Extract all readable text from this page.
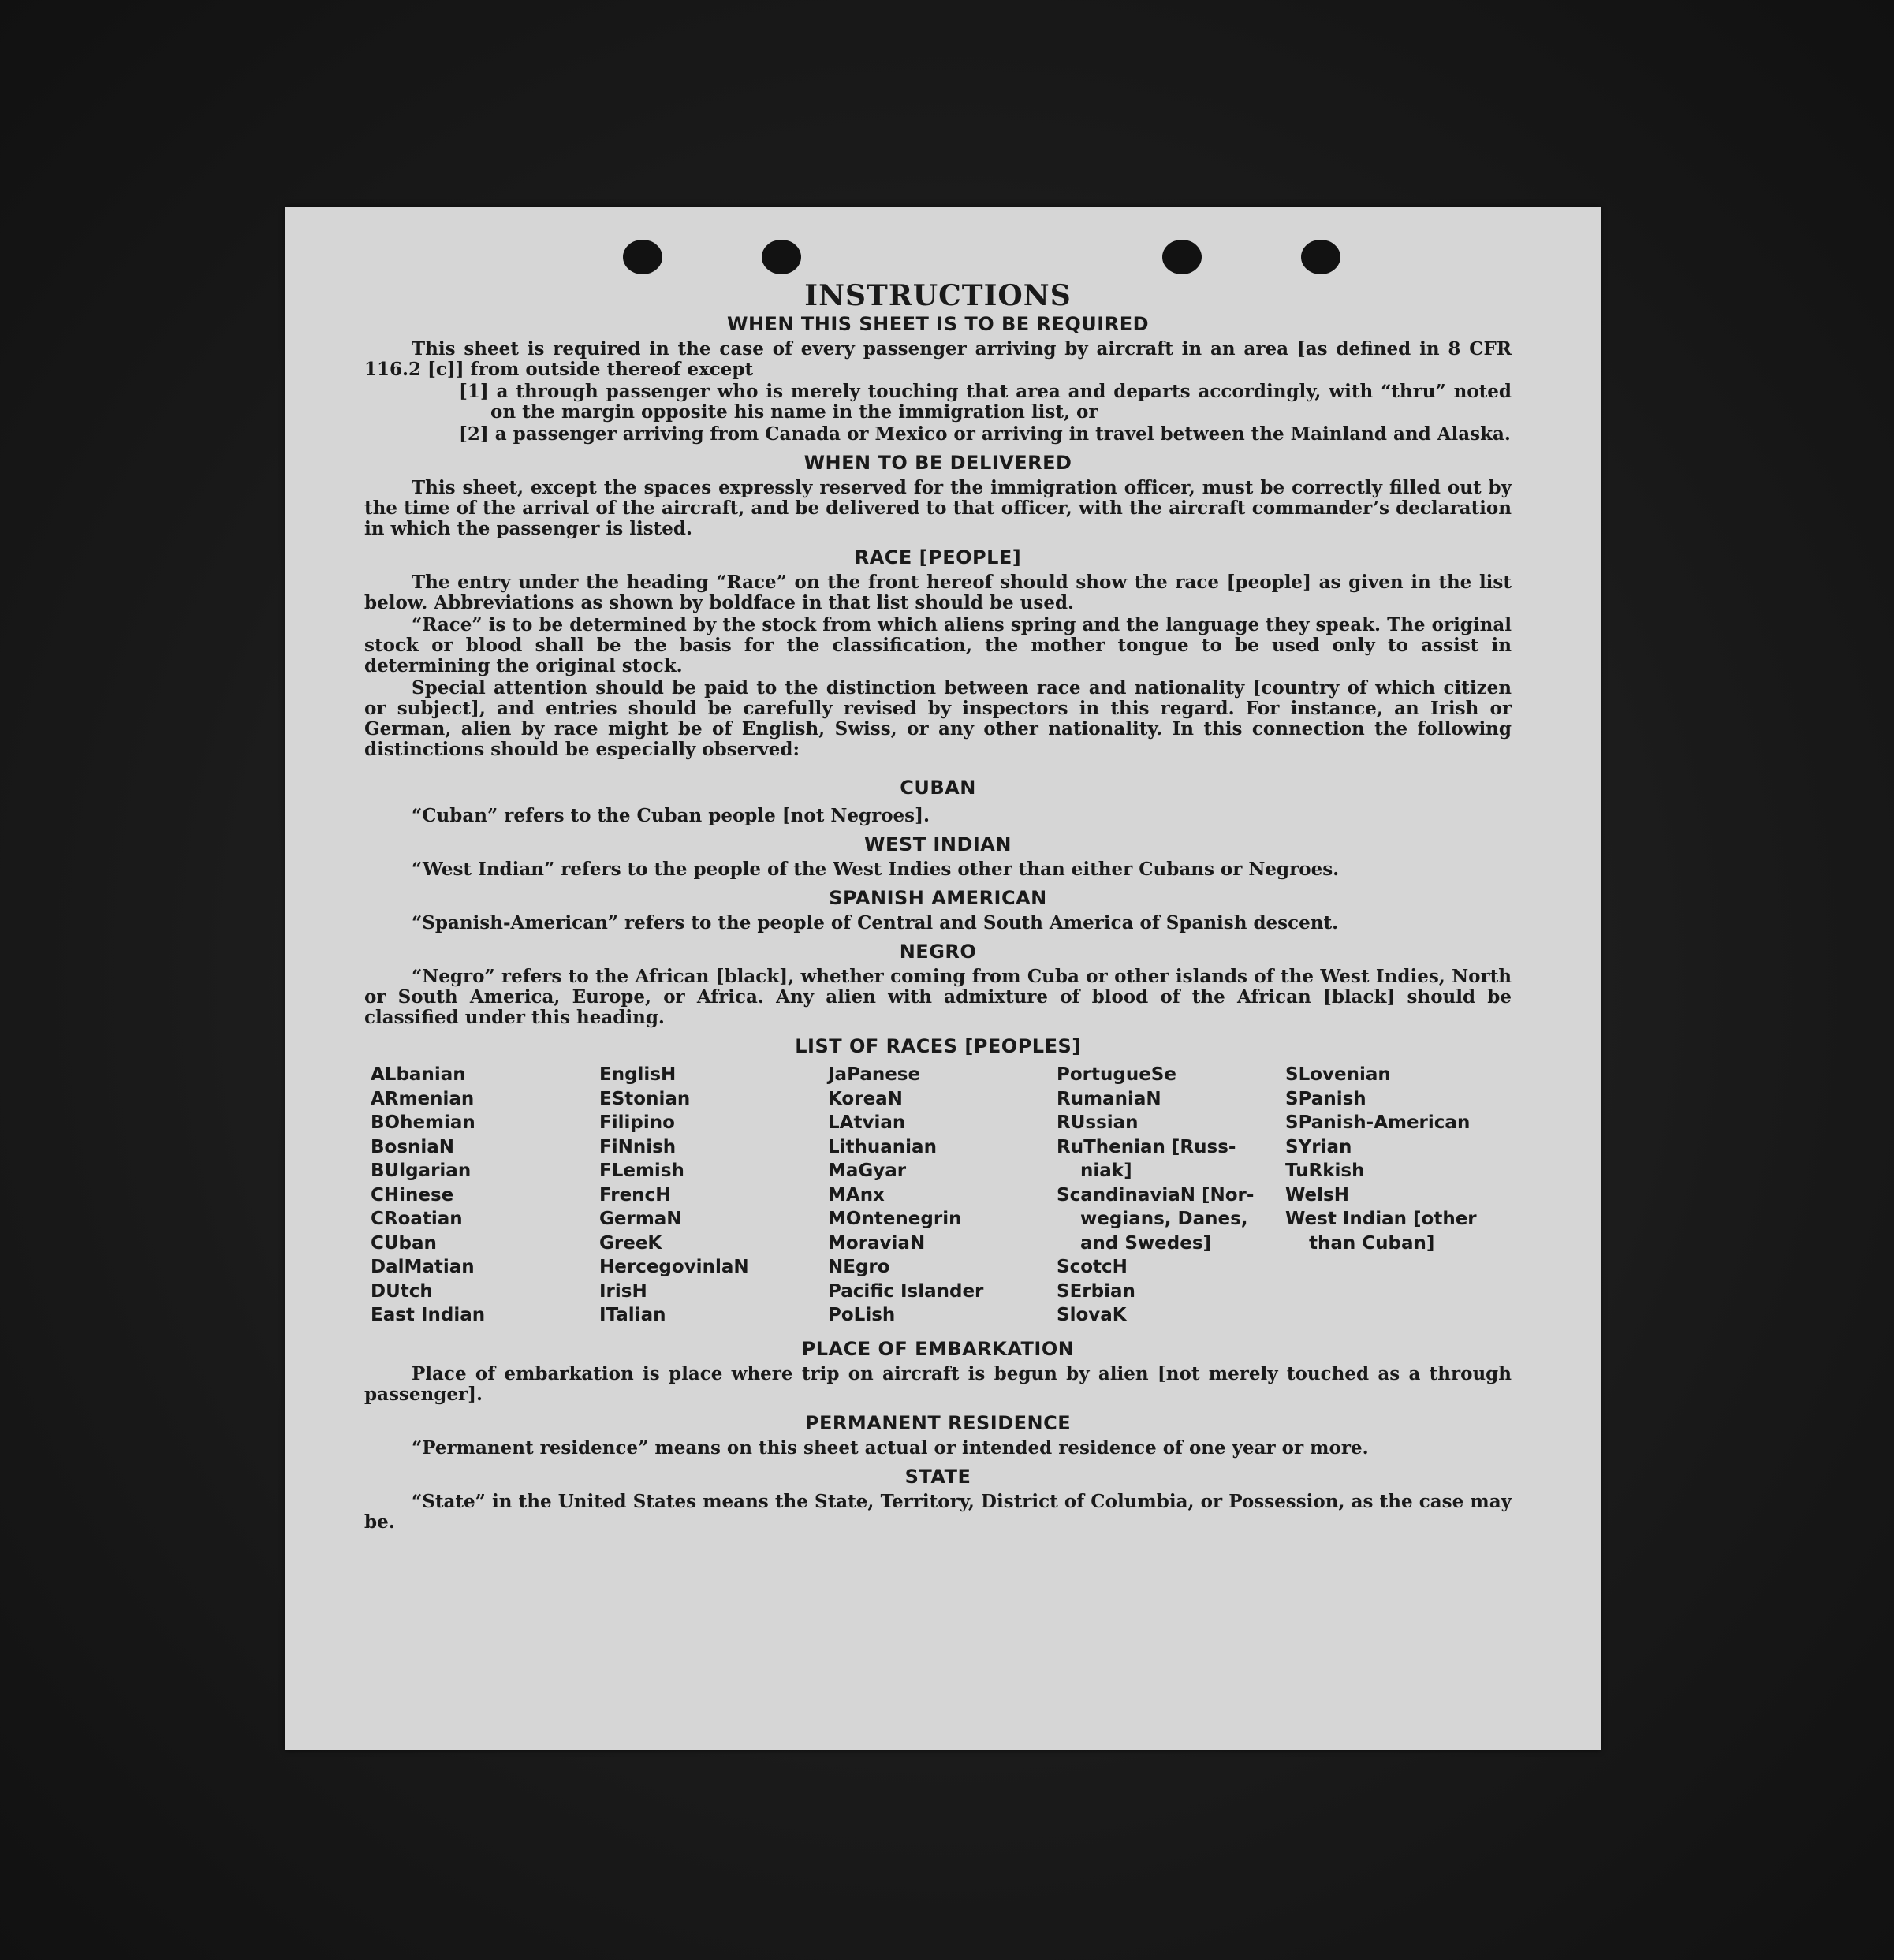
INSTRUCTIONS
WHEN THIS SHEET IS TO BE REQUIRED

This sheet is required in the case of every passenger arriving by aircraft in an area [as defined in 8 CFR 116.2 [c]] from outside thereof except

[1] a through passenger who is merely touching that area and departs accordingly, with “thru” noted on the margin opposite his name in the immigration list, or

[2] a passenger arriving from Canada or Mexico or arriving in travel between the Mainland and Alaska.

WHEN TO BE DELIVERED

This sheet, except the spaces expressly reserved for the immigration officer, must be correctly filled out by the time of the arrival of the aircraft, and be delivered to that officer, with the aircraft commander’s declaration in which the passenger is listed.

RACE [PEOPLE]

The entry under the heading “Race” on the front hereof should show the race [people] as given in the list below. Abbreviations as shown by boldface in that list should be used.

“Race” is to be determined by the stock from which aliens spring and the language they speak. The original stock or blood shall be the basis for the classification, the mother tongue to be used only to assist in determining the original stock.

Special attention should be paid to the distinction between race and nationality [country of which citizen or subject], and entries should be carefully revised by inspectors in this regard. For instance, an Irish or German, alien by race might be of English, Swiss, or any other nationality. In this connection the following distinctions should be especially observed:

CUBAN

“Cuban” refers to the Cuban people [not Negroes].

WEST INDIAN

“West Indian” refers to the people of the West Indies other than either Cubans or Negroes.

SPANISH AMERICAN

“Spanish-American” refers to the people of Central and South America of Spanish descent.

NEGRO

“Negro” refers to the African [black], whether coming from Cuba or other islands of the West Indies, North or South America, Europe, or Africa. Any alien with admixture of blood of the African [black] should be classified under this heading.

LIST OF RACES [PEOPLES]
ALbanian
ARmenian
BOhemian
BosniaN
BUlgarian
CHinese
CRoatian
CUban
DalMatian
DUtch
East Indian
EnglisH
EStonian
Filipino
FiNnish
FLemish
FrencH
GermaN
GreeK
HercegovinlaN
IrisH
ITalian
JaPanese
KoreaN
LAtvian
Lithuanian
MaGyar
MAnx
MOntenegrin
MoraviaN
NEgro
Pacific Islander
PoLish
PortugueSe
RumaniaN
RUssian
RuThenian [Russ-
niak]
ScandinaviaN [Nor-
wegians, Danes,
and Swedes]
ScotcH
SErbian
SlovaK
SLovenian
SPanish
SPanish-American
SYrian
TuRkish
WelsH
West Indian [other
than Cuban]
PLACE OF EMBARKATION

Place of embarkation is place where trip on aircraft is begun by alien [not merely touched as a through passenger].

PERMANENT RESIDENCE

“Permanent residence” means on this sheet actual or intended residence of one year or more.

STATE

“State” in the United States means the State, Territory, District of Columbia, or Possession, as the case may be.
